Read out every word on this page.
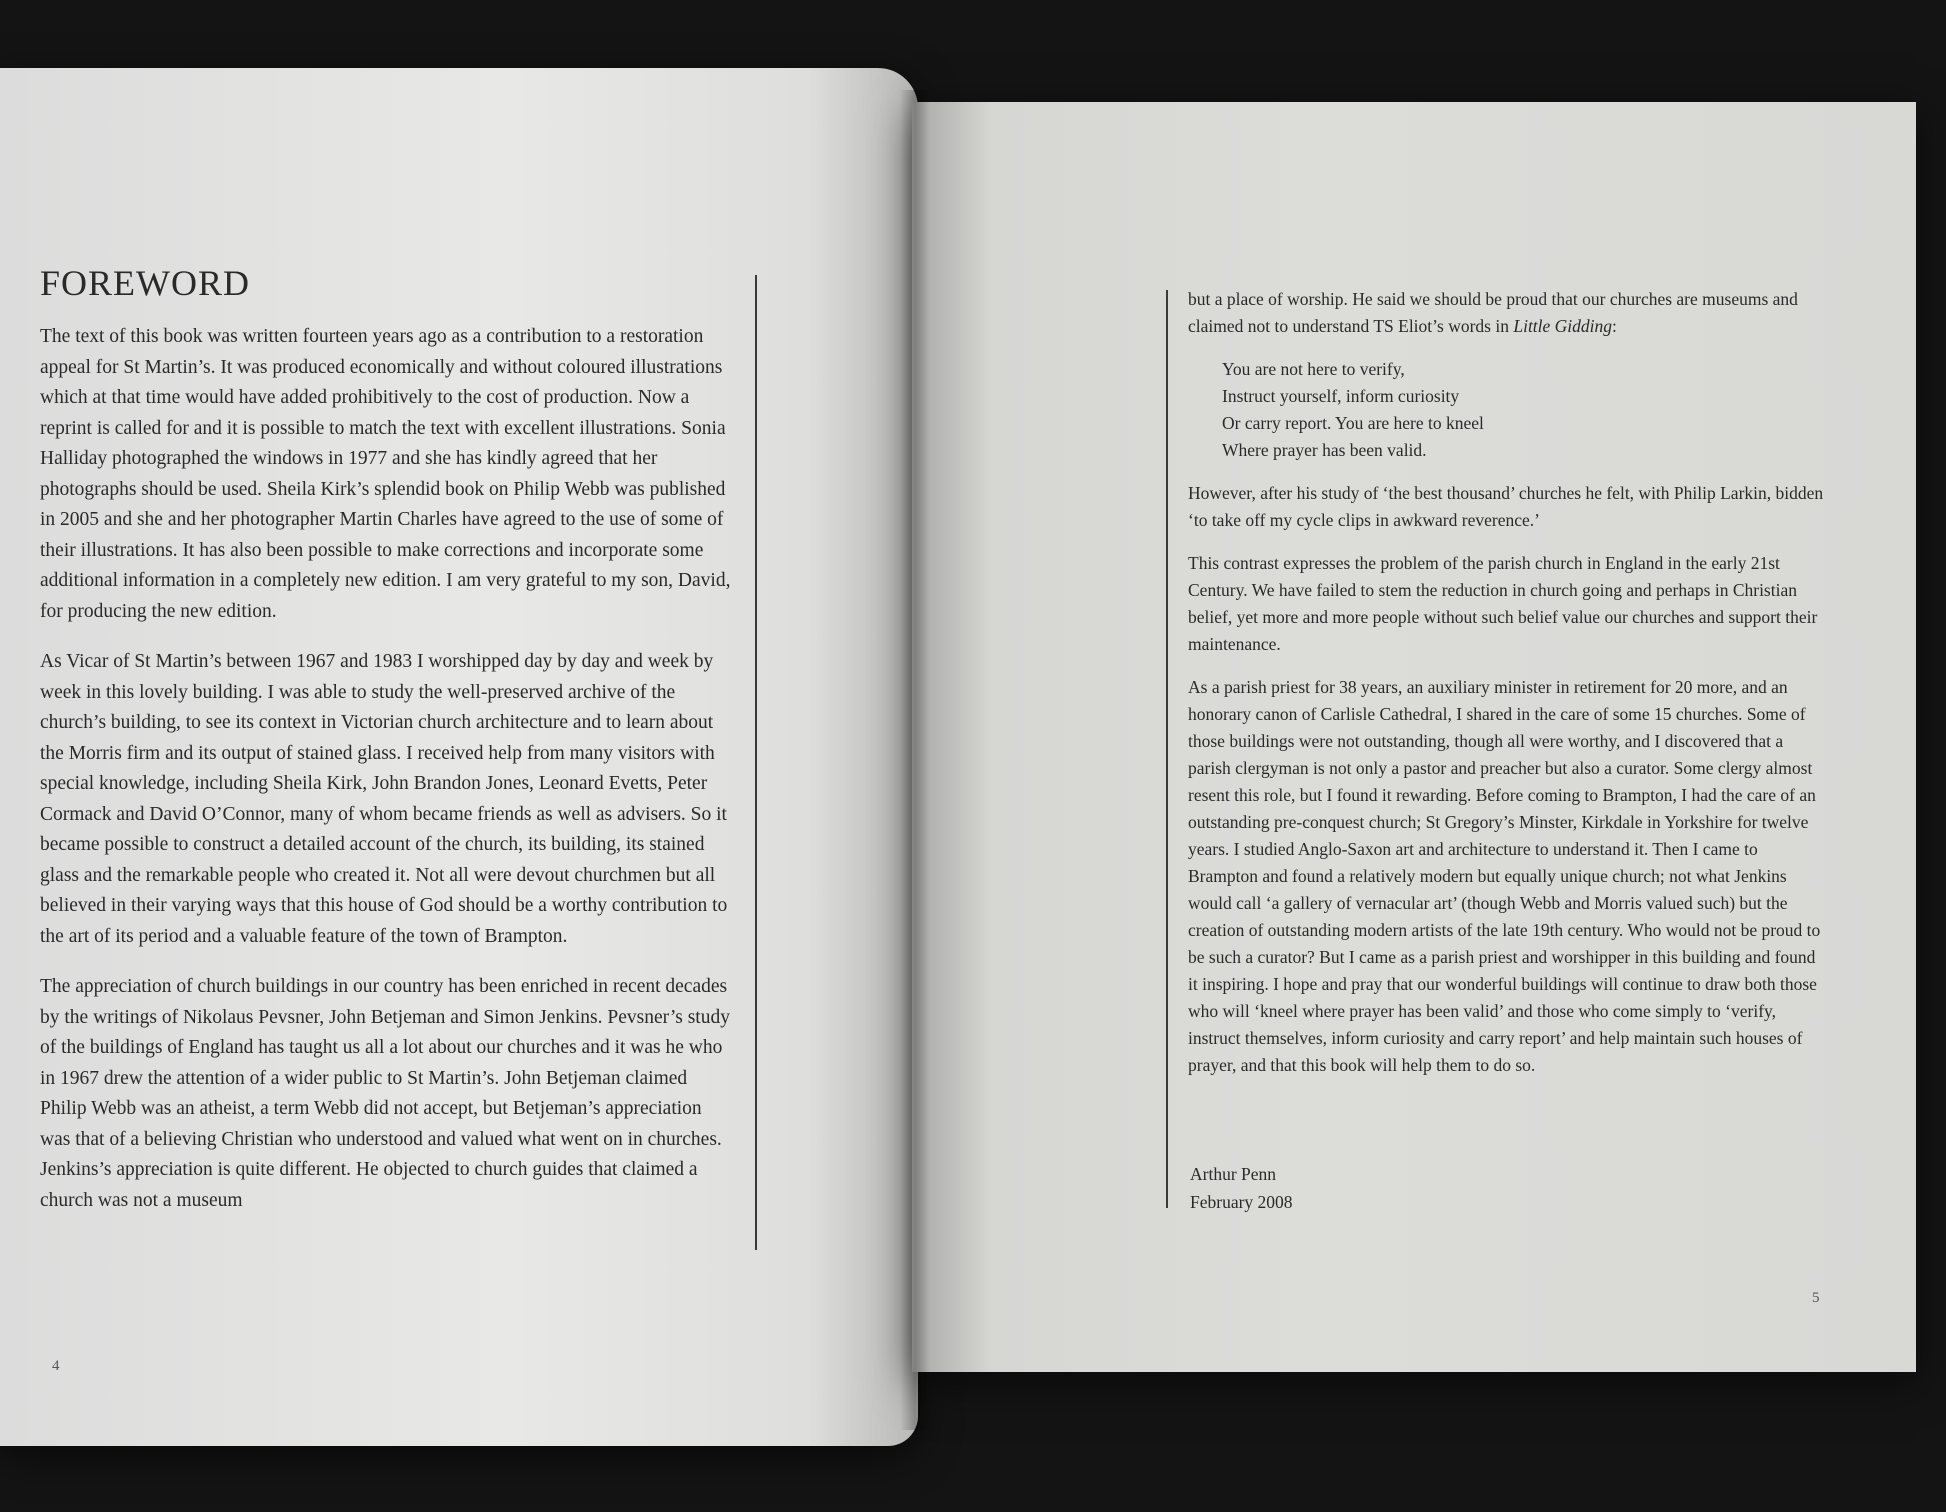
FOREWORD

The text of this book was written fourteen years ago as a contribution to a restoration appeal for St Martin’s. It was produced economically and without coloured illustrations which at that time would have added prohibitively to the cost of production. Now a reprint is called for and it is possible to match the text with excellent illustrations. Sonia Halliday photographed the windows in 1977 and she has kindly agreed that her photographs should be used. Sheila Kirk’s splendid book on Philip Webb was published in 2005 and she and her photographer Martin Charles have agreed to the use of some of their illustrations. It has also been possible to make corrections and incorporate some additional information in a completely new edition. I am very grateful to my son, David, for producing the new edition.

As Vicar of St Martin’s between 1967 and 1983 I worshipped day by day and week by week in this lovely building. I was able to study the well-preserved archive of the church’s building, to see its context in Victorian church architecture and to learn about the Morris firm and its output of stained glass. I received help from many visitors with special knowledge, including Sheila Kirk, John Brandon Jones, Leonard Evetts, Peter Cormack and David O’Connor, many of whom became friends as well as advisers. So it became possible to construct a detailed account of the church, its building, its stained glass and the remarkable people who created it. Not all were devout churchmen but all believed in their varying ways that this house of God should be a worthy contribution to the art of its period and a valuable feature of the town of Brampton.

The appreciation of church buildings in our country has been enriched in recent decades by the writings of Nikolaus Pevsner, John Betjeman and Simon Jenkins. Pevsner’s study of the buildings of England has taught us all a lot about our churches and it was he who in 1967 drew the attention of a wider public to St Martin’s. John Betjeman claimed Philip Webb was an atheist, a term Webb did not accept, but Betjeman’s appreciation was that of a believing Christian who understood and valued what went on in churches. Jenkins’s appreciation is quite different. He objected to church guides that claimed a church was not a museum

4

but a place of worship. He said we should be proud that our churches are museums and claimed not to understand TS Eliot’s words in Little Gidding:

You are not here to verify,
Instruct yourself, inform curiosity
Or carry report. You are here to kneel
Where prayer has been valid.

However, after his study of ‘the best thousand’ churches he felt, with Philip Larkin, bidden ‘to take off my cycle clips in awkward reverence.’

This contrast expresses the problem of the parish church in England in the early 21st Century. We have failed to stem the reduction in church going and perhaps in Christian belief, yet more and more people without such belief value our churches and support their maintenance.

As a parish priest for 38 years, an auxiliary minister in retirement for 20 more, and an honorary canon of Carlisle Cathedral, I shared in the care of some 15 churches. Some of those buildings were not outstanding, though all were worthy, and I discovered that a parish clergyman is not only a pastor and preacher but also a curator. Some clergy almost resent this role, but I found it rewarding. Before coming to Brampton, I had the care of an outstanding pre-conquest church; St Gregory’s Minster, Kirkdale in Yorkshire for twelve years. I studied Anglo-Saxon art and architecture to understand it. Then I came to Brampton and found a relatively modern but equally unique church; not what Jenkins would call ‘a gallery of vernacular art’ (though Webb and Morris valued such) but the creation of outstanding modern artists of the late 19th century. Who would not be proud to be such a curator? But I came as a parish priest and worshipper in this building and found it inspiring. I hope and pray that our wonderful buildings will continue to draw both those who will ‘kneel where prayer has been valid’ and those who come simply to ‘verify, instruct themselves, inform curiosity and carry report’ and help maintain such houses of prayer, and that this book will help them to do so.

Arthur Penn
February 2008
5
